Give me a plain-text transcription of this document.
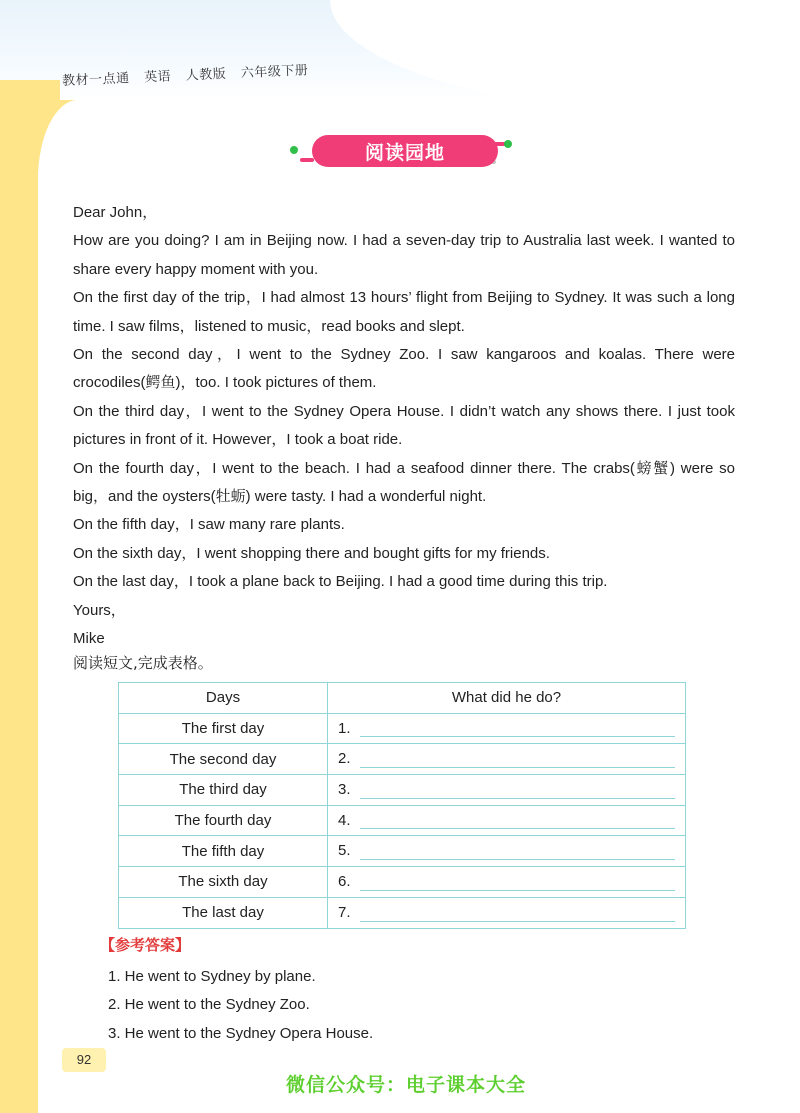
教材一点通 英语 人教版 六年级下册
阅读园地

Dear John，

How are you doing? I am in Beijing now. I had a seven-day trip to Australia last week. I wanted to share every happy moment with you.

On the first day of the trip，I had almost 13 hours’ flight from Beijing to Sydney. It was such a long time. I saw films，listened to music，read books and slept.

On the second day，I went to the Sydney Zoo. I saw kangaroos and koalas. There were crocodiles(鳄鱼)，too. I took pictures of them.

On the third day，I went to the Sydney Opera House. I didn’t watch any shows there. I just took pictures in front of it. However，I took a boat ride.

On the fourth day，I went to the beach. I had a seafood dinner there. The crabs(螃蟹) were so big，and the oysters(牡蛎) were tasty. I had a wonderful night.

On the fifth day，I saw many rare plants.

On the sixth day，I went shopping there and bought gifts for my friends.

On the last day，I took a plane back to Beijing. I had a good time during this trip.

Yours，

Mike

阅读短文,完成表格。
Days	What did he do?
The first day	1.

The second day	2.

The third day	3.

The fourth day	4.

The fifth day	5.

The sixth day	6.

The last day	7.
【参考答案】
1. He went to Sydney by plane.
2. He went to the Sydney Zoo.
3. He went to the Sydney Opera House.
92
微信公众号：电子课本大全
